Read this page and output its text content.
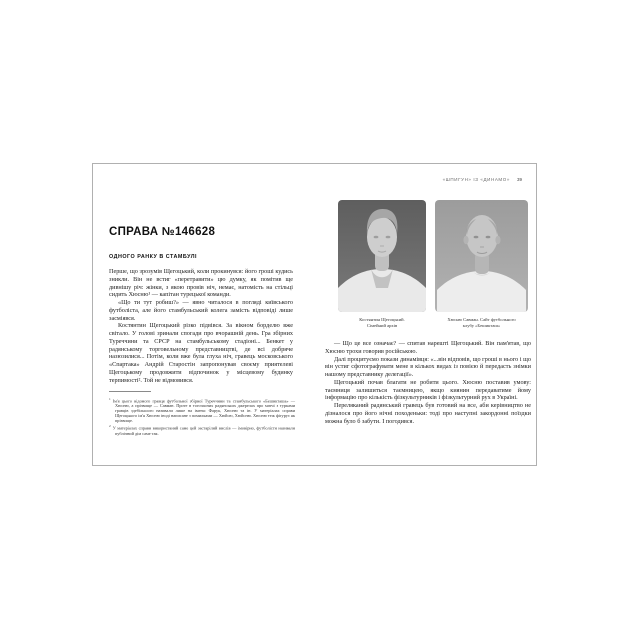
СПРАВА №146628
ОДНОГО РАНКУ В СТАМБУЛІ

Перше, що зрозумів Щегоцький, коли прокинувся: його гроші кудись зникли. Він не встиг «перетравити» цю думку, як помітив ще дивнішу річ: жінки, з якою провів ніч, немає, натомість на стільці сидить Хюсню¹ — капітан турецької команди.

«Що ти тут робиш?» — явно читалося в погляді київського футболіста, але його стамбульський колега замість відповіді лише засміявся.

Костянтин Щегоцький різко підвівся. За вікном борделю вже світало. У голові зринали спогади про вчорашній день. Гра збірних Туреччини та СРСР на стамбульському стадіоні... Бенкет у радянському торговельному представництві, де всі добряче назюзилися... Потім, коли вже була глуха ніч, гравець московського «Спартака» Андрій Старостін запропонував своєму приятелеві Щегоцькому продовжити відпочинок у місцевому будинку терпимості². Той не відмовився.

$^1$ Ім'я цього відомого гравця футбольної збірної Туреччини та стамбульського «Бешикташа» — Хюсню, а прізвище — Савман. Проте в тогочасних радянських джерелах про матчі з турками гравців здебільшого називали лише на імена: Фарук, Хюсню та ін. У матеріалах справи Щегоцького ім'я Хюсню іноді написане з помилками — Хюйсю, Хюйсню. Хюсню теж фігурує як прізвище.

$^2$ У матеріалах справи використаний саме цей застарілий вислів — імовірно, футболісти називали публічний дім саме так.

«ШПИГУН» ІЗ «ДИНАМО» 39
Костянтин Щегоцький.
Сімейний архів
Хюсню Савман. Сайт футбольного
клубу «Бешикташ»

— Що це все означає? — спитав нарешті Щегоцький. Він пам'ятав, що Хюсню трохи говорив російською.

Далі процитуємо покази динамівця: «...він відповів, що гроші в нього і що він устиг сфотографувати мене в кількох видах із повією й передасть знімки нашому представнику делегації».

Щегоцький почав благати не робити цього. Хюсню поставив умову: таємниця залишиться таємницею, якщо киянин передаватиме йому інформацію про кількість фізкультурників і фізкультурний рух в Україні.

Переляканий радянський гравець був готовий на все, аби керівництво не дізналося про його нічні походеньки: тоді про наступні закордонні поїздки можна було б забути. І погодився.
